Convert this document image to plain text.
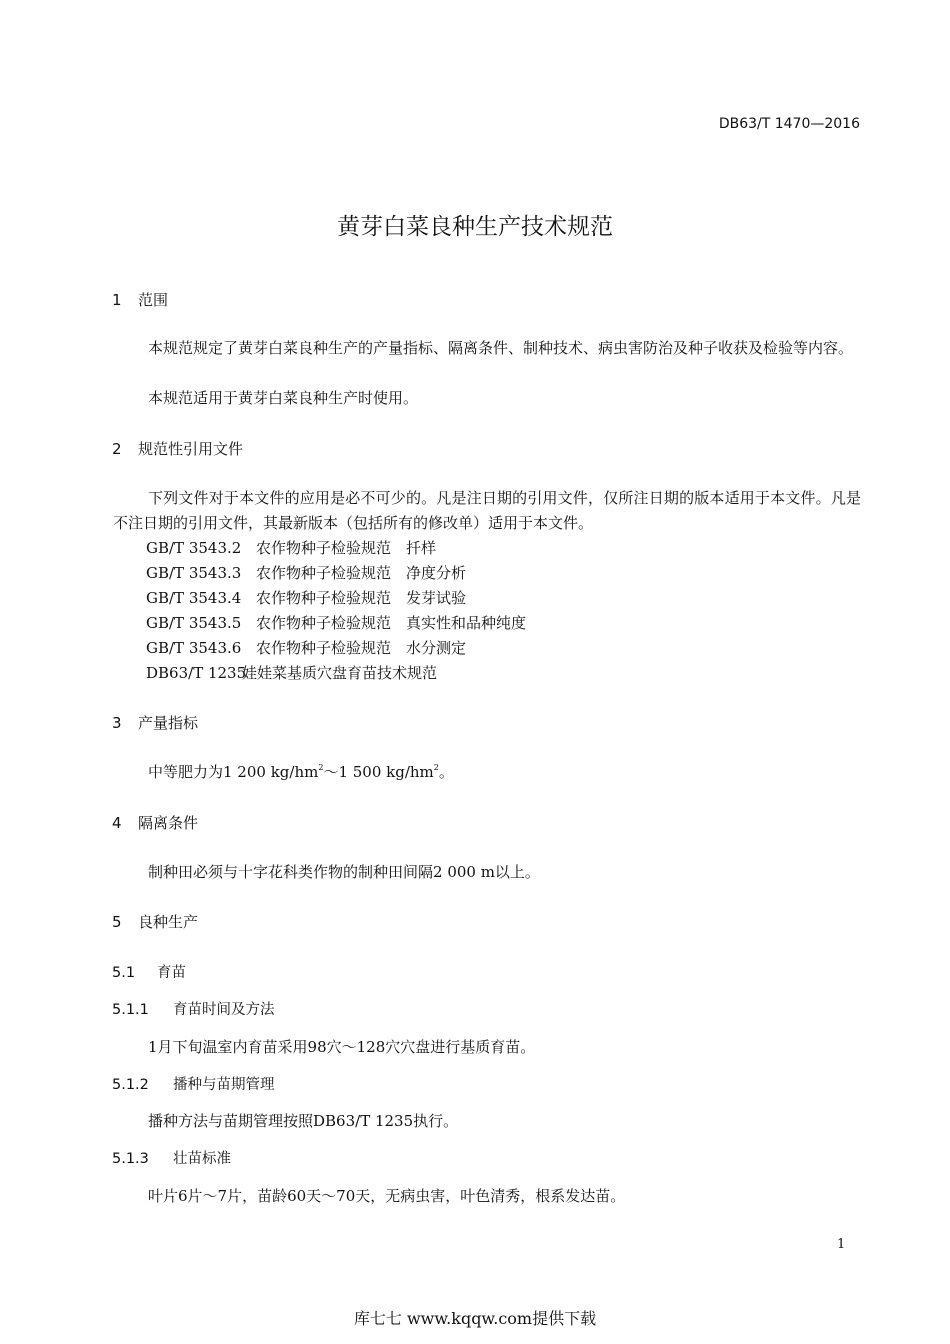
DB63/T 1470—2016
黄芽白菜良种生产技术规范
1 范围
本规范规定了黄芽白菜良种生产的产量指标、隔离条件、制种技术、病虫害防治及种子收获及检验等内容。
本规范适用于黄芽白菜良种生产时使用。
2 规范性引用文件
下列文件对于本文件的应用是必不可少的。凡是注日期的引用文件，仅所注日期的版本适用于本文件。凡是不注日期的引用文件，其最新版本（包括所有的修改单）适用于本文件。
GB/T 3543.2 农作物种子检验规范　扦样
GB/T 3543.3 农作物种子检验规范　净度分析
GB/T 3543.4 农作物种子检验规范　发芽试验
GB/T 3543.5 农作物种子检验规范　真实性和品种纯度
GB/T 3543.6 农作物种子检验规范　水分测定
DB63/T 1235娃娃菜基质穴盘育苗技术规范
3 产量指标
中等肥力为1 200 $kg/hm^2\sim 1$ 500 $kg/hm^2$。
4 隔离条件
制种田必须与十字花科类作物的制种田间隔2 000 m以上。
5 良种生产
5.1 育苗
5.1.1 育苗时间及方法
1月下旬温室内育苗采用98穴～128穴穴盘进行基质育苗。
5.1.2 播种与苗期管理
播种方法与苗期管理按照DB63/T 1235执行。
5.1.3 壮苗标准
叶片6片～7片，苗龄60天～70天，无病虫害，叶色清秀，根系发达苗。
1
库七七 www.kqqw.com提供下载
